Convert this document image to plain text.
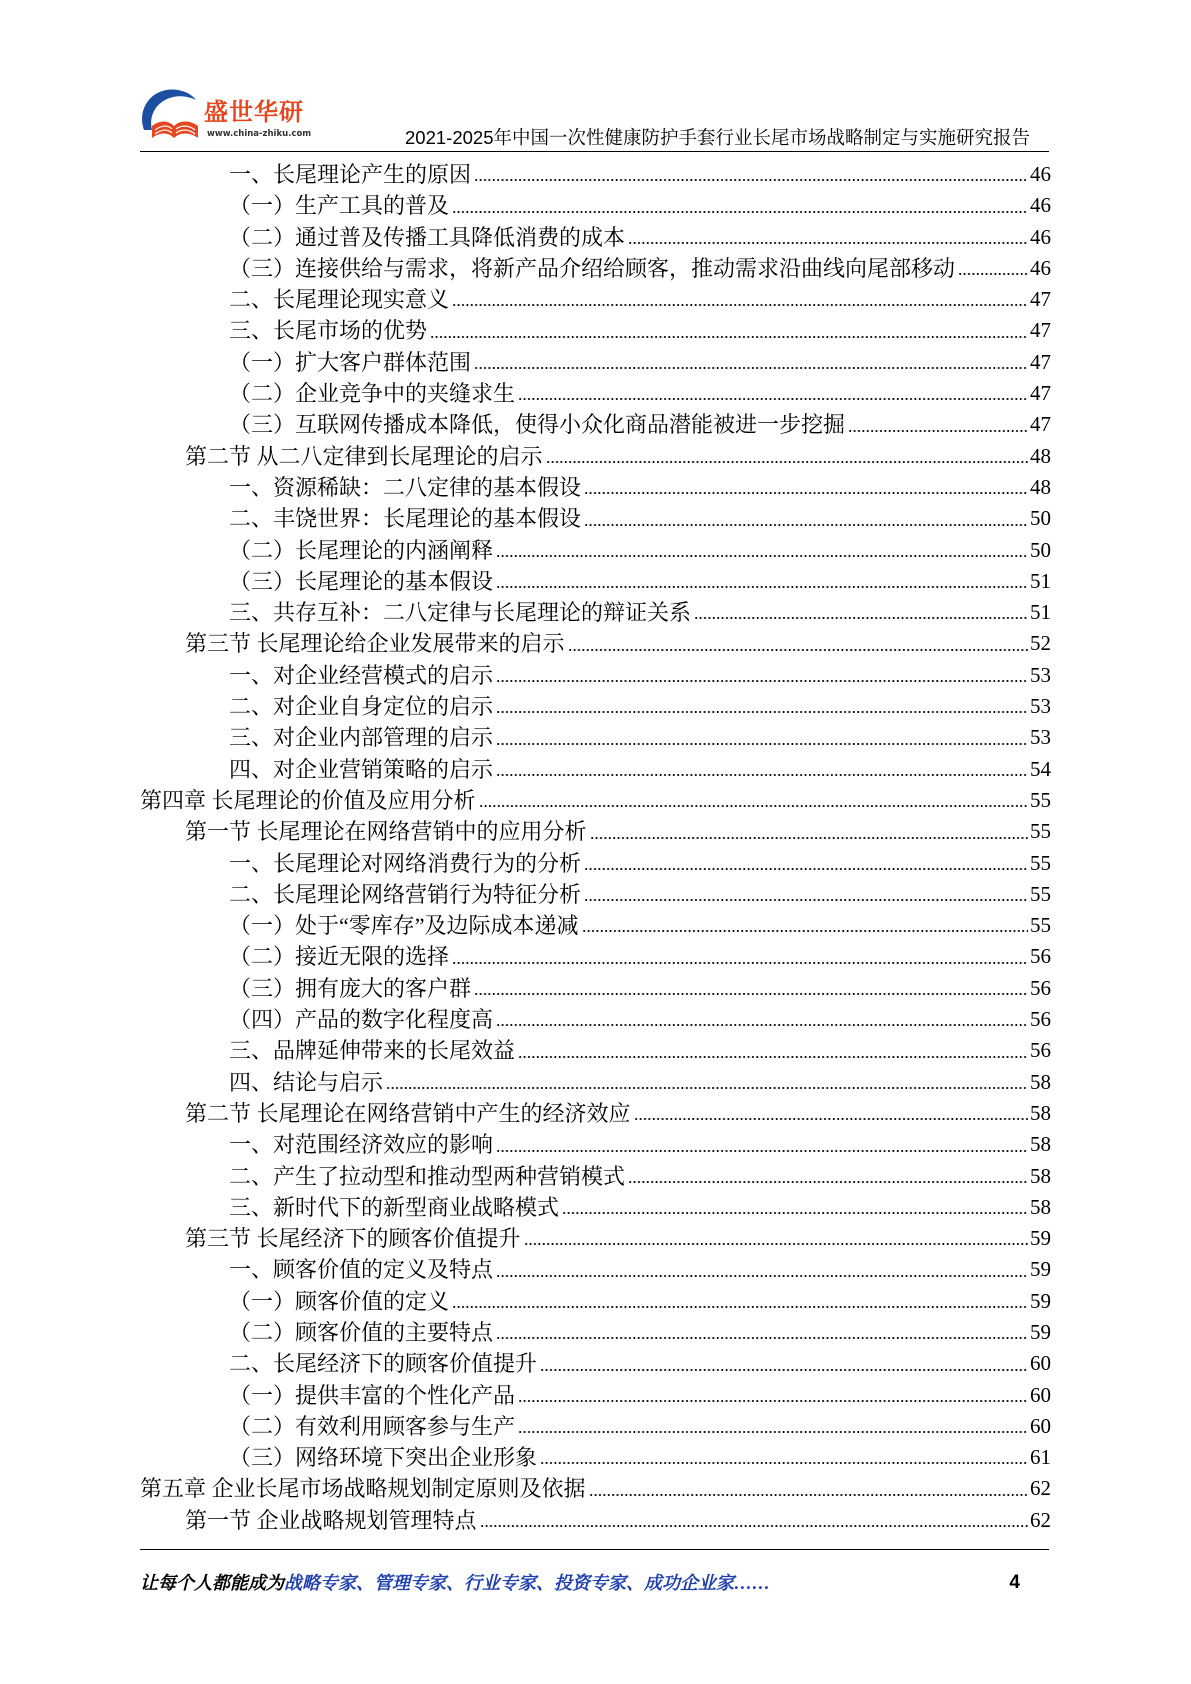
盛世华研
www.china-zhiku.com	2021-2025年中国一次性健康防护手套行业长尾市场战略制定与实施研究报告
一、长尾理论产生的原因	46
（一）生产工具的普及	46
（二）通过普及传播工具降低消费的成本	46
（三）连接供给与需求，将新产品介绍给顾客，推动需求沿曲线向尾部移动	46
二、长尾理论现实意义	47
三、长尾市场的优势	47
（一）扩大客户群体范围	47
（二）企业竞争中的夹缝求生	47
（三）互联网传播成本降低，使得小众化商品潜能被进一步挖掘	47
第二节 从二八定律到长尾理论的启示	48
一、资源稀缺：二八定律的基本假设	48
二、丰饶世界：长尾理论的基本假设	50
（二）长尾理论的内涵阐释	50
（三）长尾理论的基本假设	51
三、共存互补：二八定律与长尾理论的辩证关系	51
第三节 长尾理论给企业发展带来的启示	52
一、对企业经营模式的启示	53
二、对企业自身定位的启示	53
三、对企业内部管理的启示	53
四、对企业营销策略的启示	54
第四章 长尾理论的价值及应用分析	55
第一节 长尾理论在网络营销中的应用分析	55
一、长尾理论对网络消费行为的分析	55
二、长尾理论网络营销行为特征分析	55
（一）处于“零库存”及边际成本递减	55
（二）接近无限的选择	56
（三）拥有庞大的客户群	56
（四）产品的数字化程度高	56
三、品牌延伸带来的长尾效益	56
四、结论与启示	58
第二节 长尾理论在网络营销中产生的经济效应	58
一、对范围经济效应的影响	58
二、产生了拉动型和推动型两种营销模式	58
三、新时代下的新型商业战略模式	58
第三节 长尾经济下的顾客价值提升	59
一、顾客价值的定义及特点	59
（一）顾客价值的定义	59
（二）顾客价值的主要特点	59
二、长尾经济下的顾客价值提升	60
（一）提供丰富的个性化产品	60
（二）有效利用顾客参与生产	60
（三）网络环境下突出企业形象	61
第五章 企业长尾市场战略规划制定原则及依据	62
第一节 企业战略规划管理特点	62
让每个人都能成为战略专家、管理专家、行业专家、投资专家、成功企业家……	4
